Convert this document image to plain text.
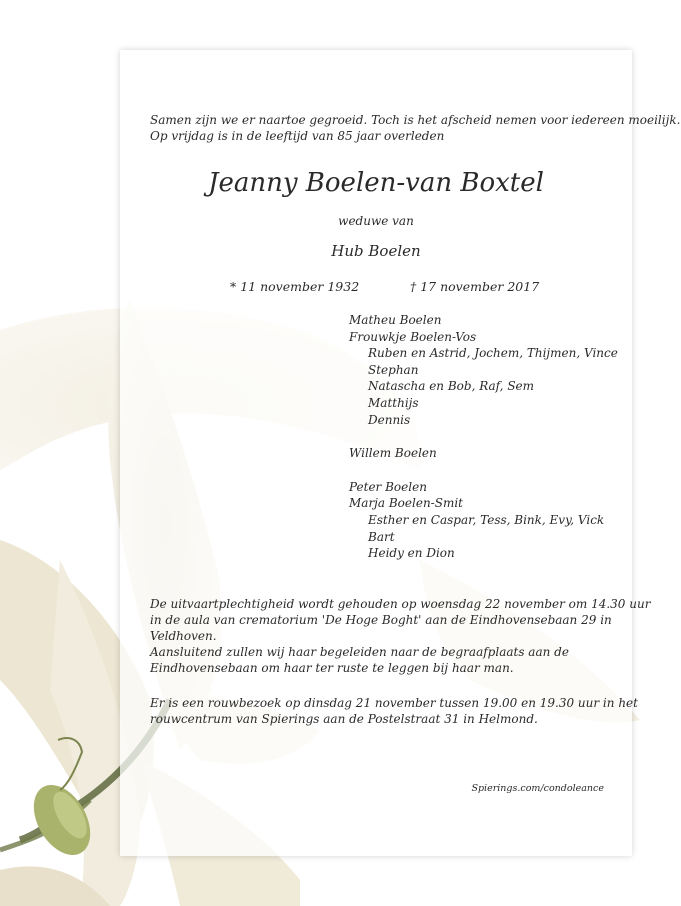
Samen zijn we er naartoe gegroeid. Toch is het afscheid nemen voor iedereen moeilijk.
Op vrijdag is in de leeftijd van 85 jaar overleden
Jeanny Boelen-van Boxtel
weduwe van
Hub Boelen
* 11 november 1932	† 17 november 2017
Matheu Boelen
Frouwkje Boelen-Vos
Ruben en Astrid, Jochem, Thijmen, Vince
Stephan
Natascha en Bob, Raf, Sem
Matthijs
Dennis
Willem Boelen
Peter Boelen
Marja Boelen-Smit
Esther en Caspar, Tess, Bink, Evy, Vick
Bart
Heidy en Dion
De uitvaartplechtigheid wordt gehouden op woensdag 22 november om 14.30 uur
in de aula van crematorium 'De Hoge Boght' aan de Eindhovensebaan 29 in
Veldhoven.
Aansluitend zullen wij haar begeleiden naar de begraafplaats aan de
Eindhovensebaan om haar ter ruste te leggen bij haar man.
Er is een rouwbezoek op dinsdag 21 november tussen 19.00 en 19.30 uur in het
rouwcentrum van Spierings aan de Postelstraat 31 in Helmond.
Spierings.com/condoleance
